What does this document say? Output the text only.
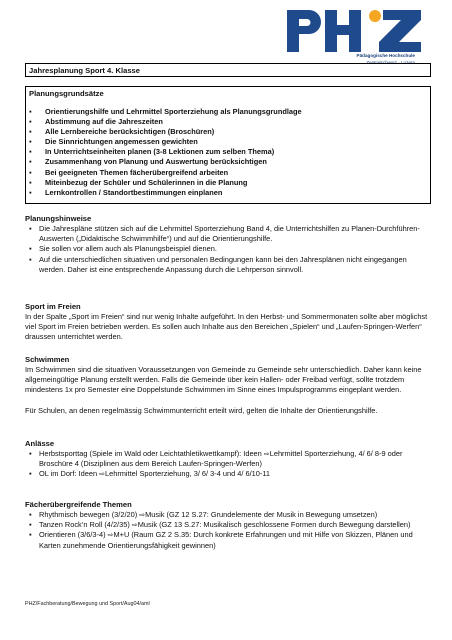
Pädagogische Hochschule
Zentralschweiz · Luzern
Jahresplanung Sport 4. Klasse
Planungsgrundsätze
▪ Orientierungshilfe und Lehrmittel Sporterziehung als Planungsgrundlage
▪ Abstimmung auf die Jahreszeiten
▪ Alle Lernbereiche berücksichtigen (Broschüren)
▪ Die Sinnrichtungen angemessen gewichten
▪ In Unterrichtseinheiten planen (3-8 Lektionen zum selben Thema)
▪ Zusammenhang von Planung und Auswertung berücksichtigen
▪ Bei geeigneten Themen fächerübergreifend arbeiten
▪ Miteinbezug der Schüler und Schülerinnen in die Planung
▪ Lernkontrollen / Standortbestimmungen einplanen
Planungshinweise
▪ Die Jahrespläne stützen sich auf die Lehrmittel Sporterziehung Band 4, die Unterrichtshilfen zu Planen-Durchführen-Auswerten („Didaktische Schwimmhilfe“) und auf die Orientierungshilfe.
▪ Sie sollen vor allem auch als Planungsbeispiel dienen.
▪ Auf die unterschiedlichen situativen und personalen Bedingungen kann bei den Jahresplänen nicht eingegangen werden. Daher ist eine entsprechende Anpassung durch die Lehrperson sinnvoll.
Sport im Freien

In der Spalte „Sport im Freien“ sind nur wenig Inhalte aufgeführt. In den Herbst- und Sommermonaten sollte aber möglichst viel Sport im Freien betrieben werden. Es sollen auch Inhalte aus den Bereichen „Spielen“ und „Laufen-Springen-Werfen“ draussen unterrichtet werden.

Schwimmen

Im Schwimmen sind die situativen Voraussetzungen von Gemeinde zu Gemeinde sehr unterschiedlich. Daher kann keine allgemeingültige Planung erstellt werden. Falls die Gemeinde über kein Hallen- oder Freibad verfügt, sollte trotzdem mindestens 1x pro Semester eine Doppelstunde Schwimmen im Sinne eines Impulsprogramms eingeplant werden.

Für Schulen, an denen regelmässig Schwimmunterricht erteilt wird, gelten die Inhalte der Orientierungshilfe.

Anlässe
▪ Herbstsporttag (Spiele im Wald oder Leichtathletikwettkampf): Ideen ⇨Lehrmittel Sporterziehung, 4/ 6/ 8-9 oder Broschüre 4 (Disziplinen aus dem Bereich Laufen-Springen-Werfen)
▪ OL im Dorf: Ideen ⇨Lehrmittel Sporterziehung, 3/ 6/ 3-4 und 4/ 6/10-11
Fächerübergreifende Themen
▪ Rhythmisch bewegen (3/2/20) ⇨Musik (GZ 12 S.27: Grundelemente der Musik in Bewegung umsetzen)
▪ Tanzen Rock’n Roll (4/2/35) ⇨Musik (GZ 13 S.27: Musikalisch geschlossene Formen durch Bewegung darstellen)
▪ Orientieren (3/6/3-4) ⇨M+U (Raum GZ 2 S.35: Durch konkrete Erfahrungen und mit Hilfe von Skizzen, Plänen und Karten zunehmende Orientierungsfähigkeit gewinnen)
PHZ/Fachberatung/Bewegung und Sport/Aug04/aml
